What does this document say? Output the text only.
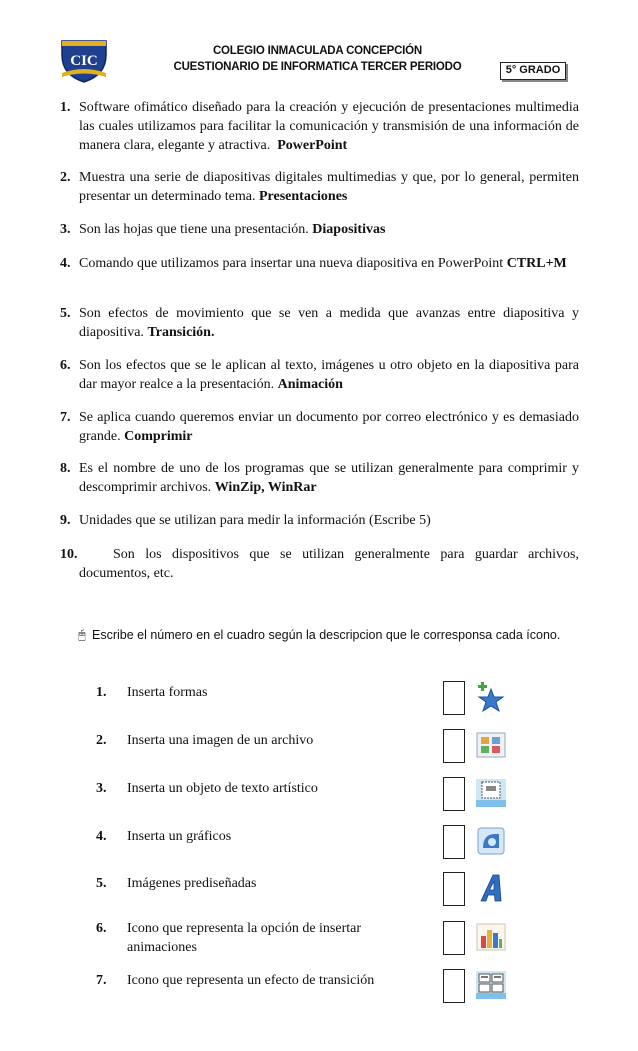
CIC
COLEGIO INMACULADA CONCEPCIÓN
CUESTIONARIO DE INFORMATICA TERCER PERIODO	5° GRADO
1. Software ofimático diseñado para la creación y ejecución de presentaciones multimedia las cuales utilizamos para facilitar la comunicación y transmisión de una información de manera clara, elegante y atractiva. PowerPoint
2. Muestra una serie de diapositivas digitales multimedias y que, por lo general, permiten presentar un determinado tema. Presentaciones
3. Son las hojas que tiene una presentación. Diapositivas
4. Comando que utilizamos para insertar una nueva diapositiva en PowerPoint CTRL+M
5. Son efectos de movimiento que se ven a medida que avanzas entre diapositiva y diapositiva. Transición.
6. Son los efectos que se le aplican al texto, imágenes u otro objeto en la diapositiva para dar mayor realce a la presentación. Animación
7. Se aplica cuando queremos enviar un documento por correo electrónico y es demasiado grande. Comprimir
8. Es el nombre de uno de los programas que se utilizan generalmente para comprimir y descomprimir archivos. WinZip, WinRar
9. Unidades que se utilizan para medir la información (Escribe 5)
10.	Son los dispositivos que se utilizan generalmente para guardar archivos, documentos, etc.
🖰 Escribe el número en el cuadro según la descripcion que le corresponsa cada ícono.
1.	Inserta formas
2.	Inserta una imagen de un archivo
3.	Inserta un objeto de texto artístico
4.	Inserta un gráficos
5.	Imágenes prediseñadas
6.	Icono que representa la opción de insertar animaciones
7.	Icono que representa un efecto de transición
